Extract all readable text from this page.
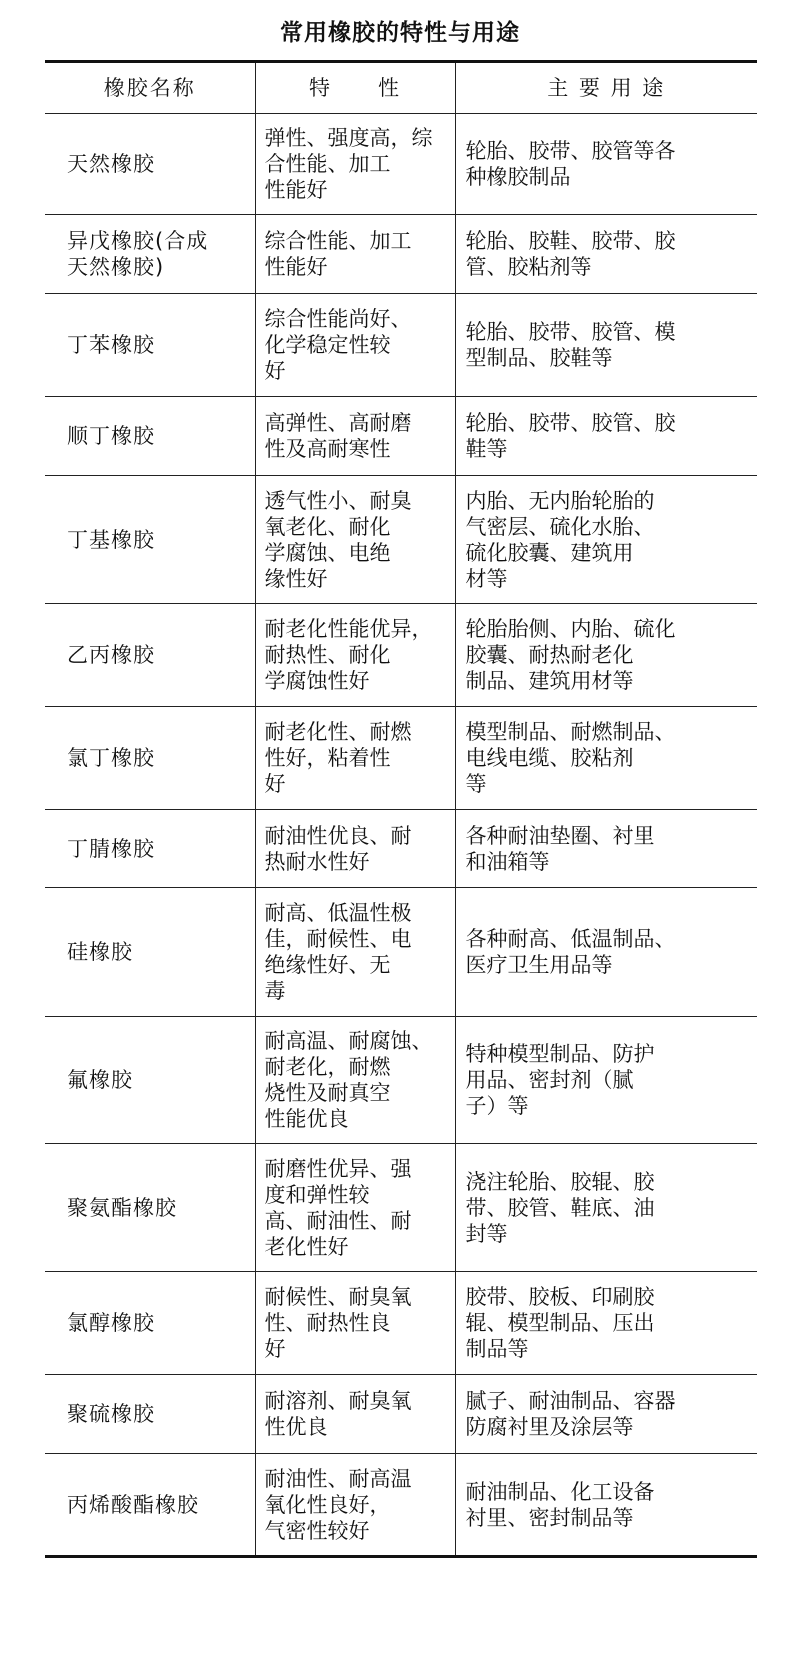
常用橡胶的特性与用途
橡胶名称	特　　性	主 要 用 途

天然橡胶	弹性、强度高，综
合性能、加工
性能好	轮胎、胶带、胶管等各
种橡胶制品

异戊橡胶(合成
天然橡胶)	综合性能、加工
性能好	轮胎、胶鞋、胶带、胶
管、胶粘剂等

丁苯橡胶	综合性能尚好、
化学稳定性较
好	轮胎、胶带、胶管、模
型制品、胶鞋等

顺丁橡胶	高弹性、高耐磨
性及高耐寒性	轮胎、胶带、胶管、胶
鞋等

丁基橡胶	透气性小、耐臭
氧老化、耐化
学腐蚀、电绝
缘性好	内胎、无内胎轮胎的
气密层、硫化水胎、
硫化胶囊、建筑用
材等

乙丙橡胶	耐老化性能优异，
耐热性、耐化
学腐蚀性好	轮胎胎侧、内胎、硫化
胶囊、耐热耐老化
制品、建筑用材等

氯丁橡胶	耐老化性、耐燃
性好，粘着性
好	模型制品、耐燃制品、
电线电缆、胶粘剂
等

丁腈橡胶	耐油性优良、耐
热耐水性好	各种耐油垫圈、衬里
和油箱等

硅橡胶	耐高、低温性极
佳，耐候性、电
绝缘性好、无
毒	各种耐高、低温制品、
医疗卫生用品等

氟橡胶	耐高温、耐腐蚀、
耐老化，耐燃
烧性及耐真空
性能优良	特种模型制品、防护
用品、密封剂（腻
子）等

聚氨酯橡胶	耐磨性优异、强
度和弹性较
高、耐油性、耐
老化性好	浇注轮胎、胶辊、胶
带、胶管、鞋底、油
封等

氯醇橡胶	耐候性、耐臭氧
性、耐热性良
好	胶带、胶板、印刷胶
辊、模型制品、压出
制品等

聚硫橡胶	耐溶剂、耐臭氧
性优良	腻子、耐油制品、容器
防腐衬里及涂层等

丙烯酸酯橡胶	耐油性、耐高温
氧化性良好，
气密性较好	耐油制品、化工设备
衬里、密封制品等
